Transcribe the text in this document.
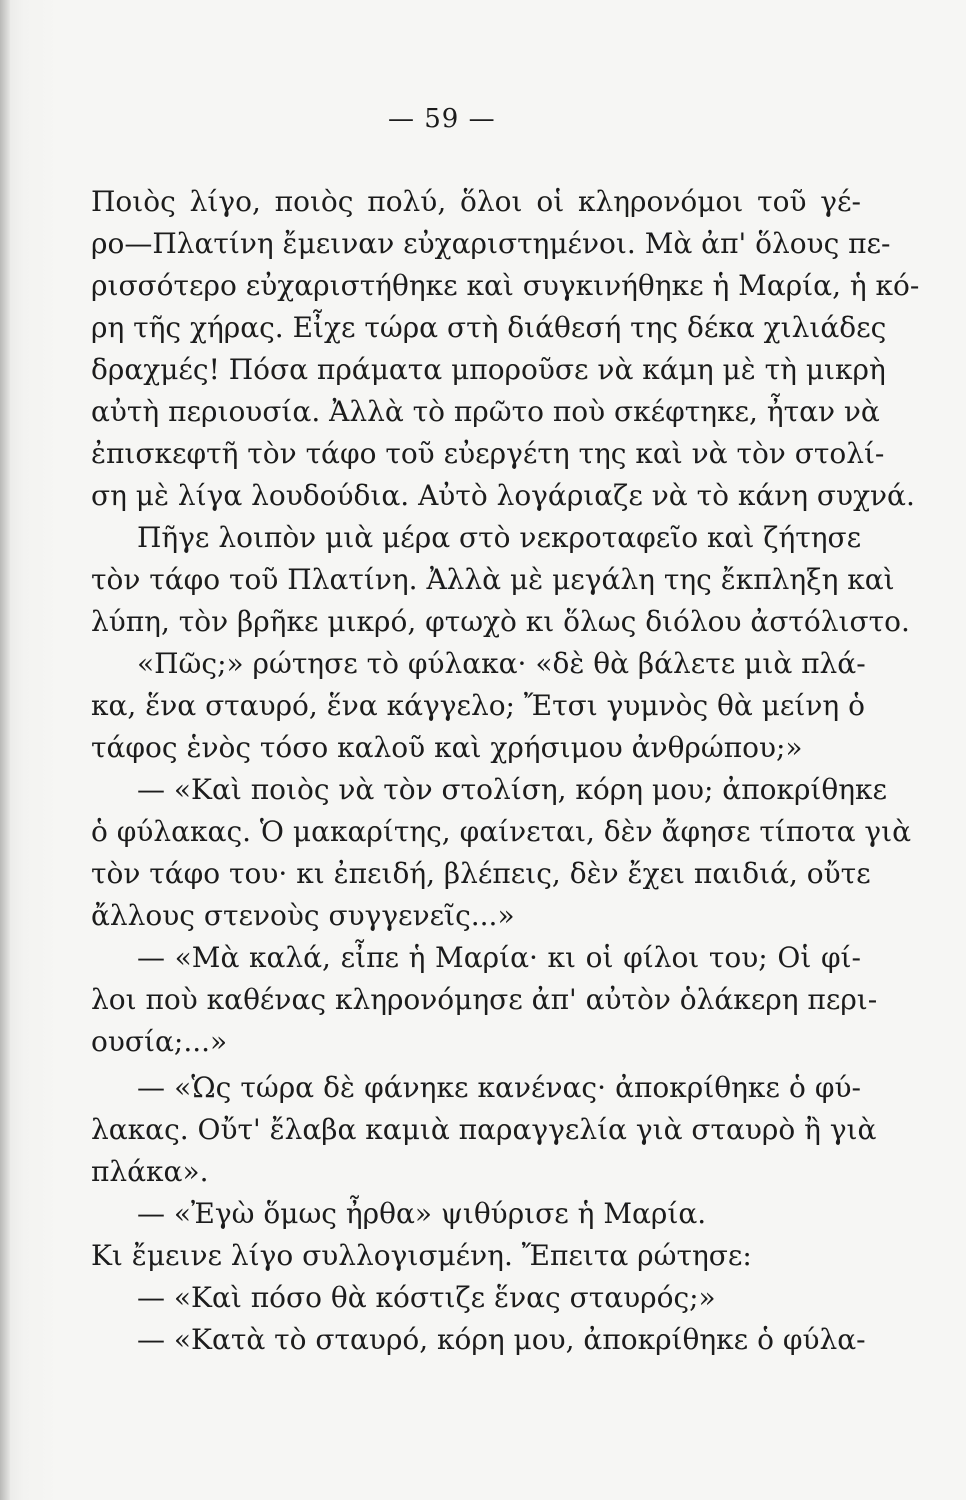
— 59 —
Ποιὸς λίγο, ποιὸς πολύ, ὅλοι οἱ κληρονόμοι τοῦ γέ-
ρο—Πλατίνη ἔμειναν εὐχαριστημένοι. Μὰ ἀπ' ὅλους πε-
ρισσότερο εὐχαριστήθηκε καὶ συγκινήθηκε ἡ Μαρία, ἡ κό-
ρη τῆς χήρας. Εἶχε τώρα στὴ διάθεσή της δέκα χιλιάδες
δραχμές! Πόσα πράματα μποροῦσε νὰ κάμη μὲ τὴ μικρὴ
αὐτὴ περιουσία. Ἀλλὰ τὸ πρῶτο ποὺ σκέφτηκε, ἦταν νὰ
ἐπισκεφτῆ τὸν τάφο τοῦ εὐεργέτη της καὶ νὰ τὸν στολί-
ση μὲ λίγα λουδούδια. Αὐτὸ λογάριαζε νὰ τὸ κάνη συχνά.
Πῆγε λοιπὸν μιὰ μέρα στὸ νεκροταφεῖο καὶ ζήτησε
τὸν τάφο τοῦ Πλατίνη. Ἀλλὰ μὲ μεγάλη της ἔκπληξη καὶ
λύπη, τὸν βρῆκε μικρό, φτωχὸ κι ὅλως διόλου ἀστόλιστο.
«Πῶς;» ρώτησε τὸ φύλακα· «δὲ θὰ βάλετε μιὰ πλά-
κα, ἕνα σταυρό, ἕνα κάγγελο; Ἔτσι γυμνὸς θὰ μείνη ὁ
τάφος ἑνὸς τόσο καλοῦ καὶ χρήσιμου ἀνθρώπου;»
— «Καὶ ποιὸς νὰ τὸν στολίση, κόρη μου; ἀποκρίθηκε
ὁ φύλακας. Ὁ μακαρίτης, φαίνεται, δὲν ἄφησε τίποτα γιὰ
τὸν τάφο του· κι ἐπειδή, βλέπεις, δὲν ἔχει παιδιά, οὔτε
ἄλλους στενοὺς συγγενεῖς...»
— «Μὰ καλά, εἶπε ἡ Μαρία· κι οἱ φίλοι του; Οἱ φί-
λοι ποὺ καθένας κληρονόμησε ἀπ' αὐτὸν ὁλάκερη περι-
ουσία;...»
— «Ὡς τώρα δὲ φάνηκε κανένας· ἀποκρίθηκε ὁ φύ-
λακας. Οὔτ' ἔλαβα καμιὰ παραγγελία γιὰ σταυρὸ ἢ γιὰ
πλάκα».
— «Ἐγὼ ὅμως ἦρθα» ψιθύρισε ἡ Μαρία.
Κι ἔμεινε λίγο συλλογισμένη. Ἔπειτα ρώτησε:
— «Καὶ πόσο θὰ κόστιζε ἕνας σταυρός;»
— «Κατὰ τὸ σταυρό, κόρη μου, ἀποκρίθηκε ὁ φύλα-
